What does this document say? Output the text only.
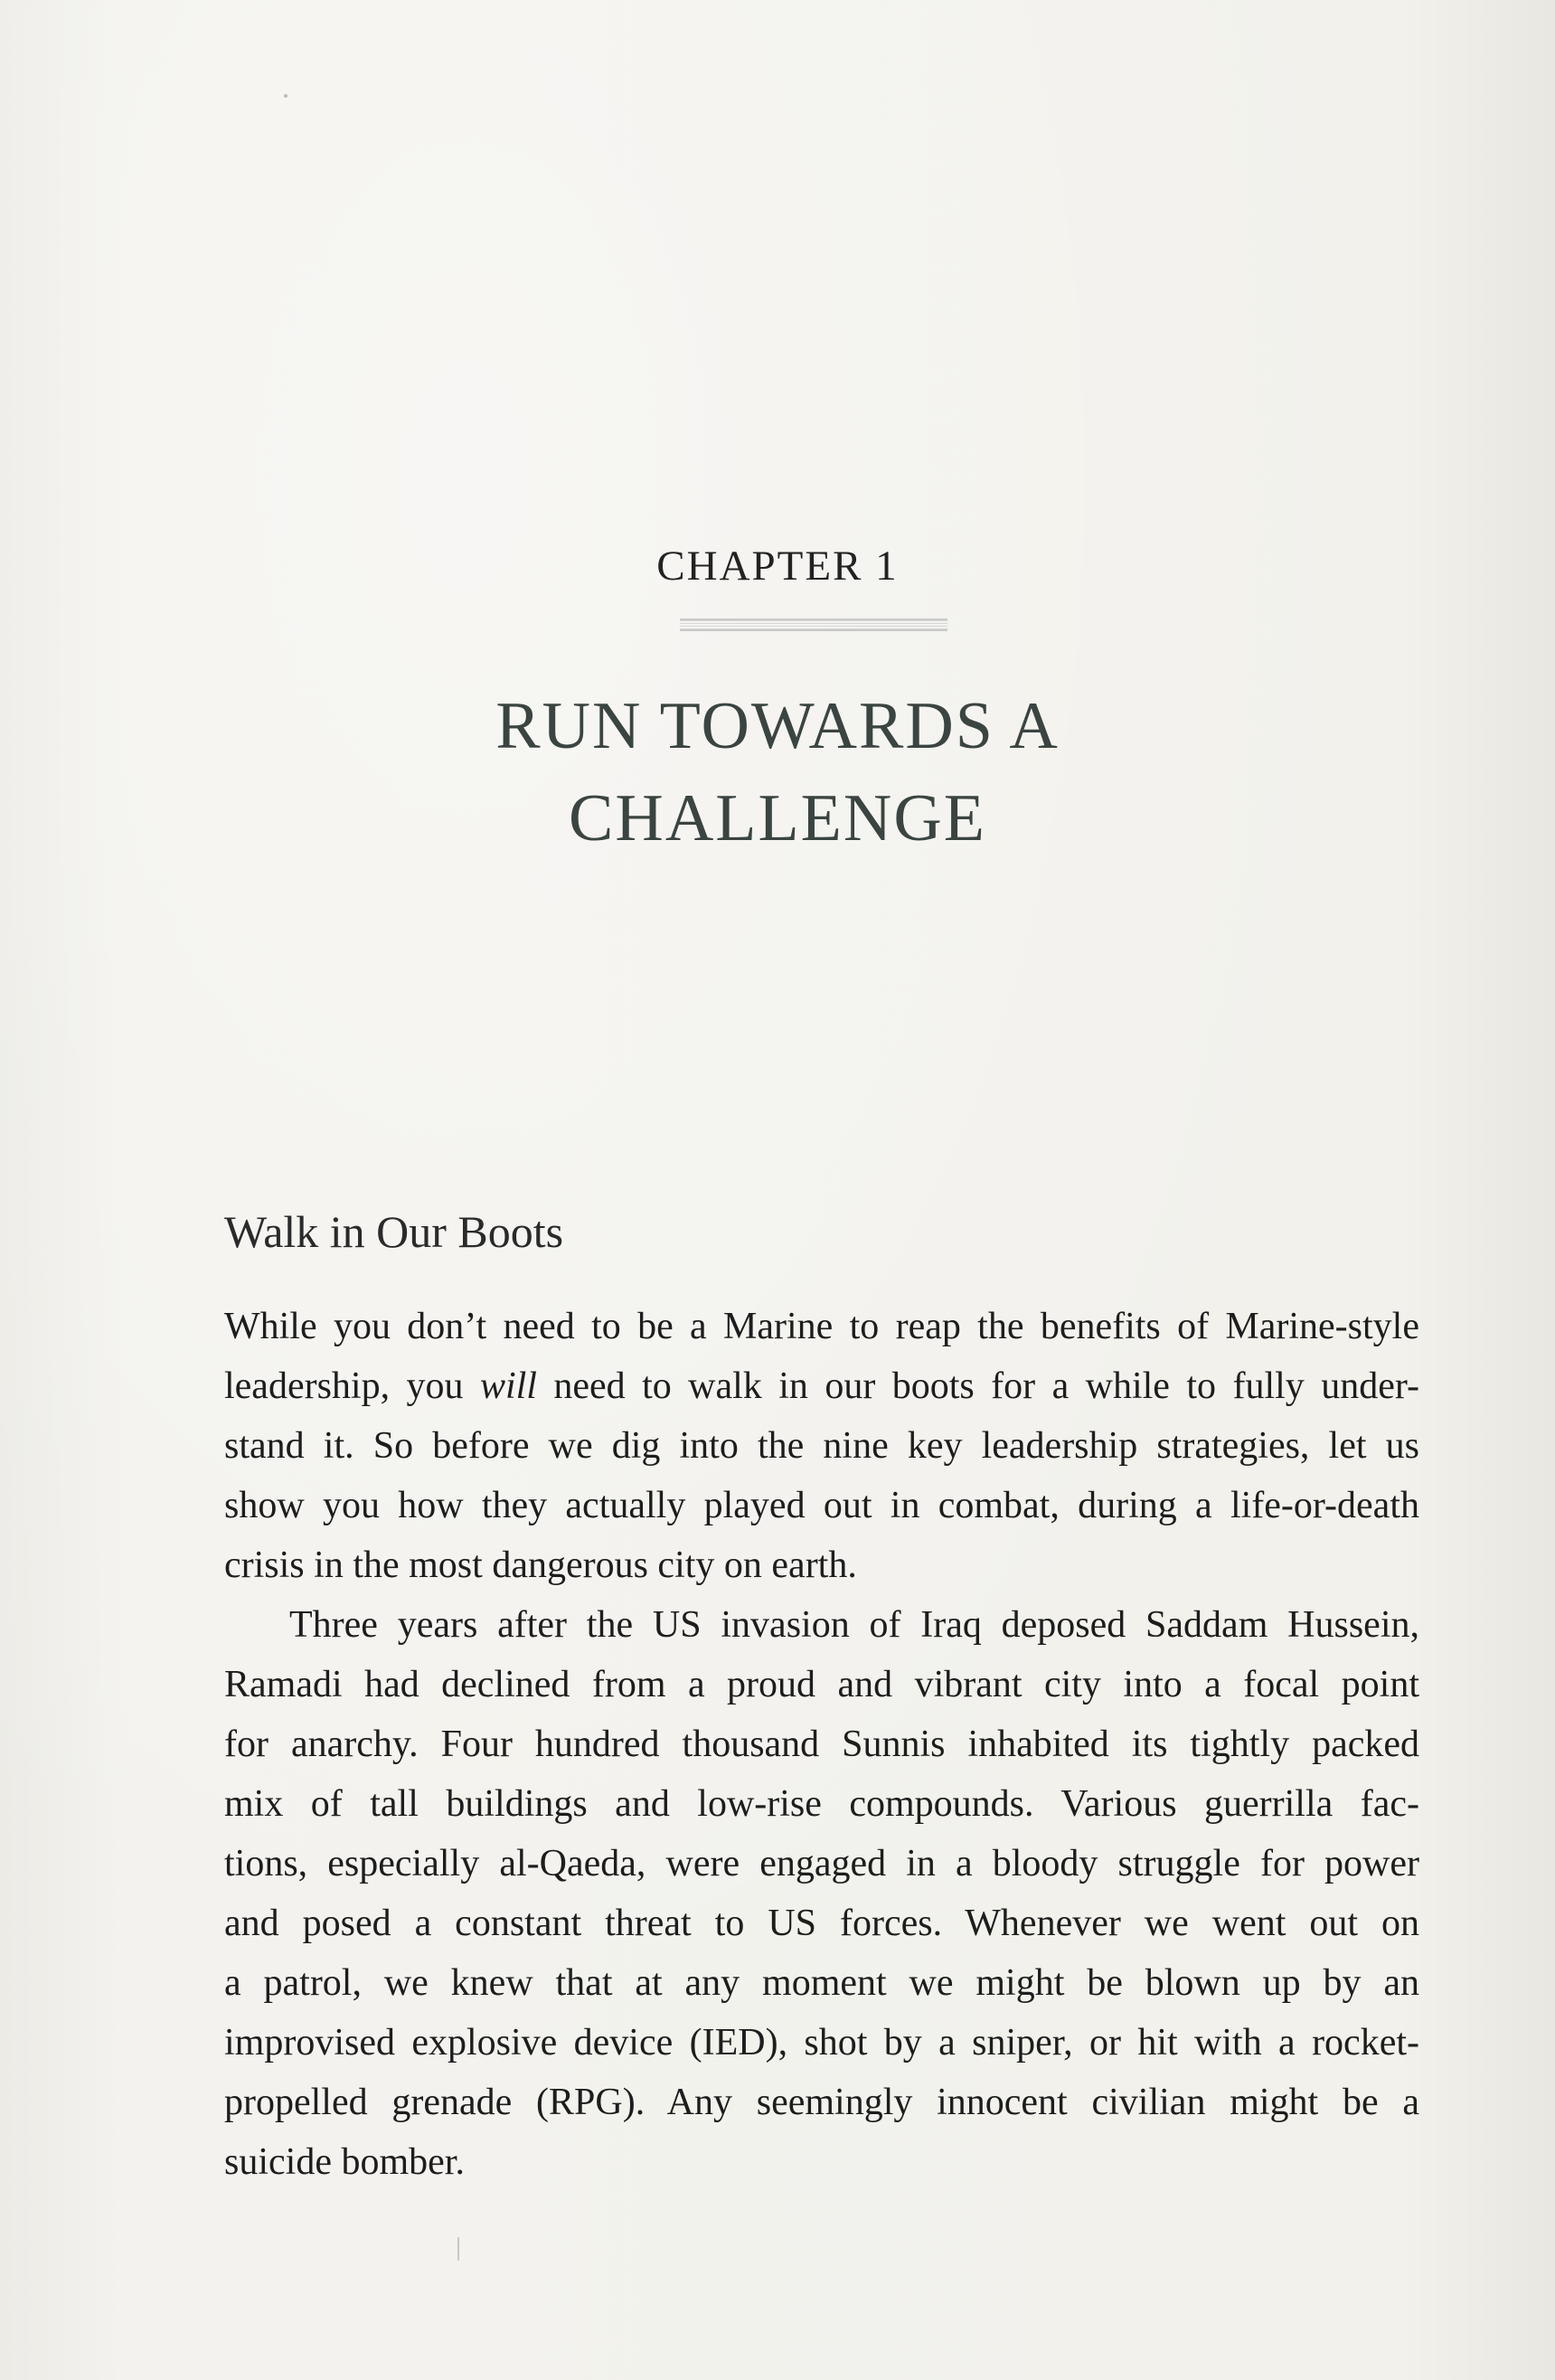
CHAPTER 1
RUN TOWARDS A
CHALLENGE
Walk in Our Boots
While you don’t need to be a Marine to reap the benefits of Marine-style
leadership, you will need to walk in our boots for a while to fully under-
stand it. So before we dig into the nine key leadership strategies, let us
show you how they actually played out in combat, during a life-or-death
crisis in the most dangerous city on earth.
Three years after the US invasion of Iraq deposed Saddam Hussein,
Ramadi had declined from a proud and vibrant city into a focal point
for anarchy. Four hundred thousand Sunnis inhabited its tightly packed
mix of tall buildings and low-rise compounds. Various guerrilla fac-
tions, especially al-Qaeda, were engaged in a bloody struggle for power
and posed a constant threat to US forces. Whenever we went out on
a patrol, we knew that at any moment we might be blown up by an
improvised explosive device (IED), shot by a sniper, or hit with a rocket-
propelled grenade (RPG). Any seemingly innocent civilian might be a
suicide bomber.
